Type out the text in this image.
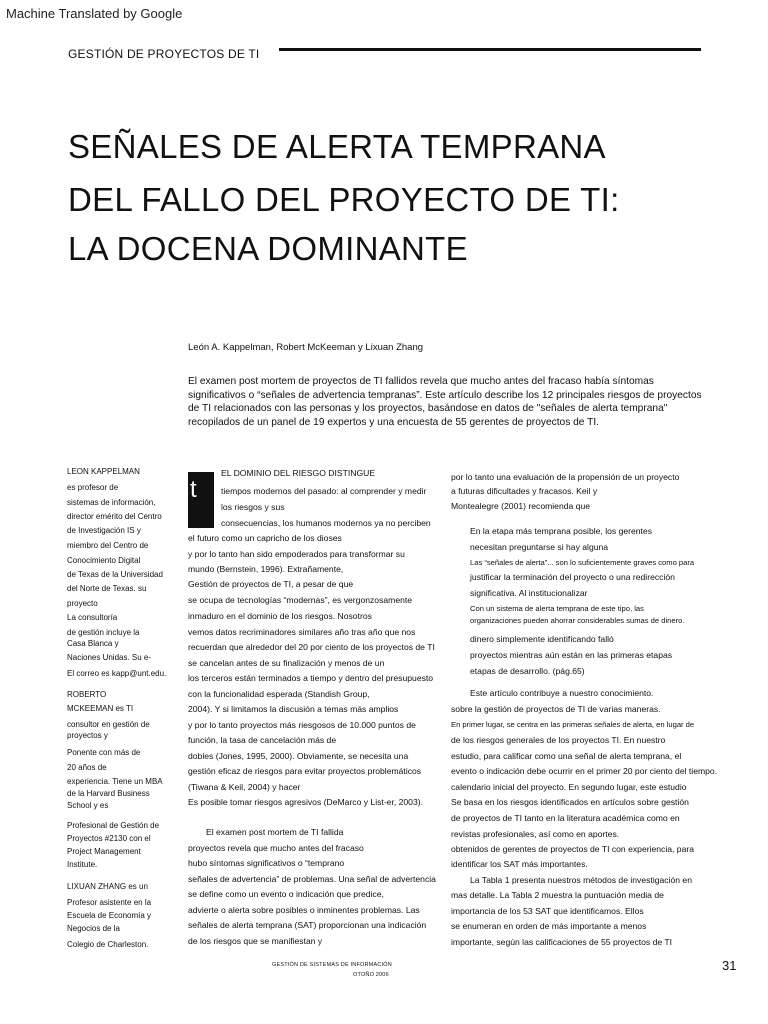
Machine Translated by Google
GESTIÓN DE PROYECTOS DE TI
SEÑALES DE ALERTA TEMPRANA
DEL FALLO DEL PROYECTO DE TI:
LA DOCENA DOMINANTE
León A. Kappelman, Robert McKeeman y Lixuan Zhang
El examen post mortem de proyectos de TI fallidos revela que mucho antes del fracaso había síntomas
significativos o “señales de advertencia tempranas”. Este artículo describe los 12 principales riesgos de proyectos
de TI relacionados con las personas y los proyectos, basándose en datos de "señales de alerta temprana"
recopilados de un panel de 19 expertos y una encuesta de 55 gerentes de proyectos de TI.
LEON KAPPELMAN
es profesor de
sistemas de información,
director emérito del Centro
de Investigación IS y
miembro del Centro de
Conocimiento Digital
de Texas de la Universidad
del Norte de Texas. su
proyecto
La consultoría
de gestión incluye la
Casa Blanca y
Naciones Unidas. Su e-
El correo es kapp@unt.edu.
ROBERTO
MCKEEMAN es TI
consultor en gestión de
proyectos y
Ponente con más de
20 años de
experiencia. Tiene un MBA
de la Harvard Business
School y es
Profesional de Gestión de
Proyectos #2130 con el
Project Management
Institute.
LIXUAN ZHANG es un
Profesor asistente en la
Escuela de Economía y
Negocios de la
Colegio de Charleston.
t
EL DOMINIO DEL RIESGO DISTINGUE
tiempos modernos del pasado: al comprender y medir
los riesgos y sus
consecuencias, los humanos modernos ya no perciben
el futuro como un capricho de los dioses
y por lo tanto han sido empoderados para transformar su
mundo (Bernstein, 1996). Extrañamente,
Gestión de proyectos de TI, a pesar de que
se ocupa de tecnologías “modernas”, es vergonzosamente
inmaduro en el dominio de los riesgos. Nosotros
vemos datos recriminadores similares año tras año que nos
recuerdan que alrededor del 20 por ciento de los proyectos de TI
se cancelan antes de su finalización y menos de un
los terceros están terminados a tiempo y dentro del presupuesto
con la funcionalidad esperada (Standish Group,
2004). Y si limitamos la discusión a temas más amplios
y por lo tanto proyectos más riesgosos de 10.000 puntos de
función, la tasa de cancelación más de
dobles (Jones, 1995, 2000). Obviamente, se necesita una
gestión eficaz de riesgos para evitar proyectos problemáticos
(Tiwana & Keil, 2004) y hacer
Es posible tomar riesgos agresivos (DeMarco y List-er, 2003).
El examen post mortem de TI fallida
proyectos revela que mucho antes del fracaso
hubo síntomas significativos o “temprano
señales de advertencia” de problemas. Una señal de advertencia
se define como un evento o indicación que predice,
advierte o alerta sobre posibles o inminentes problemas. Las
señales de alerta temprana (SAT) proporcionan una indicación
de los riesgos que se manifiestan y
por lo tanto una evaluación de la propensión de un proyecto
a futuras dificultades y fracasos. Keil y
Montealegre (2001) recomienda que
En la etapa más temprana posible, los gerentes
necesitan preguntarse si hay alguna
Las “señales de alerta”... son lo suficientemente graves como para
justificar la terminación del proyecto o una redirección
significativa. Al institucionalizar
Con un sistema de alerta temprana de este tipo, las
organizaciones pueden ahorrar considerables sumas de dinero.
dinero simplemente identificando falló
proyectos mientras aún están en las primeras etapas
etapas de desarrollo. (pág.65)
Este artículo contribuye a nuestro conocimiento.
sobre la gestión de proyectos de TI de varias maneras.
En primer lugar, se centra en las primeras señales de alerta, en lugar de
de los riesgos generales de los proyectos TI. En nuestro
estudio, para calificar como una señal de alerta temprana, el
evento o indicación debe ocurrir en el primer 20 por ciento del tiempo.
calendario inicial del proyecto. En segundo lugar, este estudio
Se basa en los riesgos identificados en artículos sobre gestión
de proyectos de TI tanto en la literatura académica como en
revistas profesionales, así como en aportes.
obtenidos de gerentes de proyectos de TI con experiencia, para
identificar los SAT más importantes.
La Tabla 1 presenta nuestros métodos de investigación en
mas detalle. La Tabla 2 muestra la puntuación media de
importancia de los 53 SAT que identificamos. Ellos
se enumeran en orden de más importante a menos
importante, según las calificaciones de 55 proyectos de TI
GESTIÓN DE SISTEMAS DE INFORMACIÓN
OTOÑO 2006
31
